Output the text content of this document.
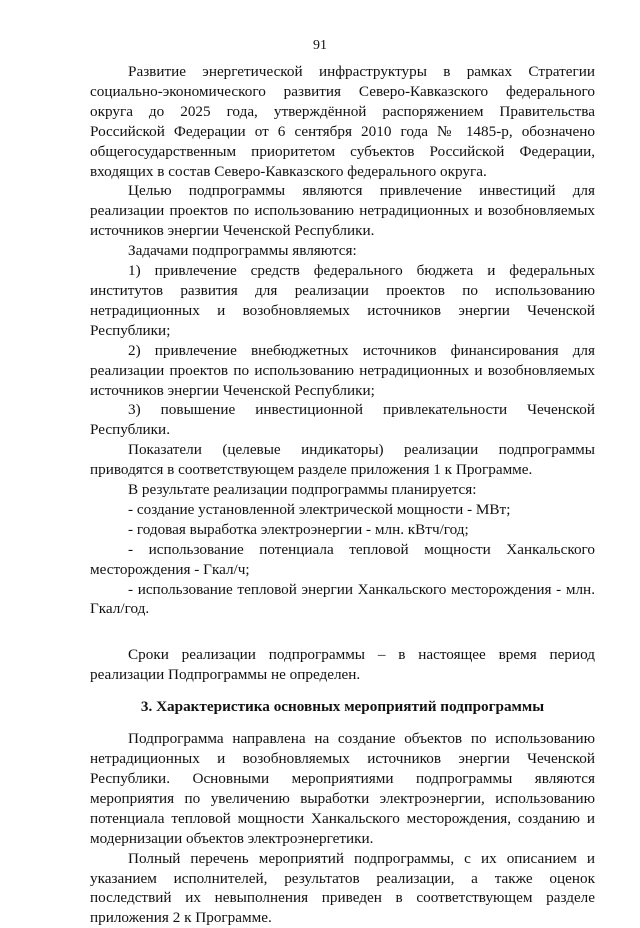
91

Развитие энергетической инфраструктуры в рамках Стратегии социально-экономического развития Северо-Кавказского федерального округа до 2025 года, утверждённой распоряжением Правительства Российской Федерации от 6 сентября 2010 года № 1485-р, обозначено общегосударственным приоритетом субъектов Российской Федерации, входящих в состав Северо-Кавказского федерального округа.

Целью подпрограммы являются привлечение инвестиций для реализации проектов по использованию нетрадиционных и возобновляемых источников энергии Чеченской Республики.

Задачами подпрограммы являются:

1) привлечение средств федерального бюджета и федеральных институтов развития для реализации проектов по использованию нетрадиционных и возобновляемых источников энергии Чеченской Республики;

2) привлечение внебюджетных источников финансирования для реализации проектов по использованию нетрадиционных и возобновляемых источников энергии Чеченской Республики;

3) повышение инвестиционной привлекательности Чеченской Республики.

Показатели (целевые индикаторы) реализации подпрограммы приводятся в соответствующем разделе приложения 1 к Программе.

В результате реализации подпрограммы планируется:

- создание установленной электрической мощности - МВт;

- годовая выработка электроэнергии - млн. кВтч/год;

- использование потенциала тепловой мощности Ханкальского месторождения - Гкал/ч;

- использование тепловой энергии Ханкальского месторождения - млн. Гкал/год.

Сроки реализации подпрограммы – в настоящее время период реализации Подпрограммы не определен.

3. Характеристика основных мероприятий подпрограммы

Подпрограмма направлена на создание объектов по использованию нетрадиционных и возобновляемых источников энергии Чеченской Республики. Основными мероприятиями подпрограммы являются мероприятия по увеличению выработки электроэнергии, использованию потенциала тепловой мощности Ханкальского месторождения, созданию и модернизации объектов электроэнергетики.

Полный перечень мероприятий подпрограммы, с их описанием и указанием исполнителей, результатов реализации, а также оценок последствий их невыполнения приведен в соответствующем разделе приложения 2 к Программе.
